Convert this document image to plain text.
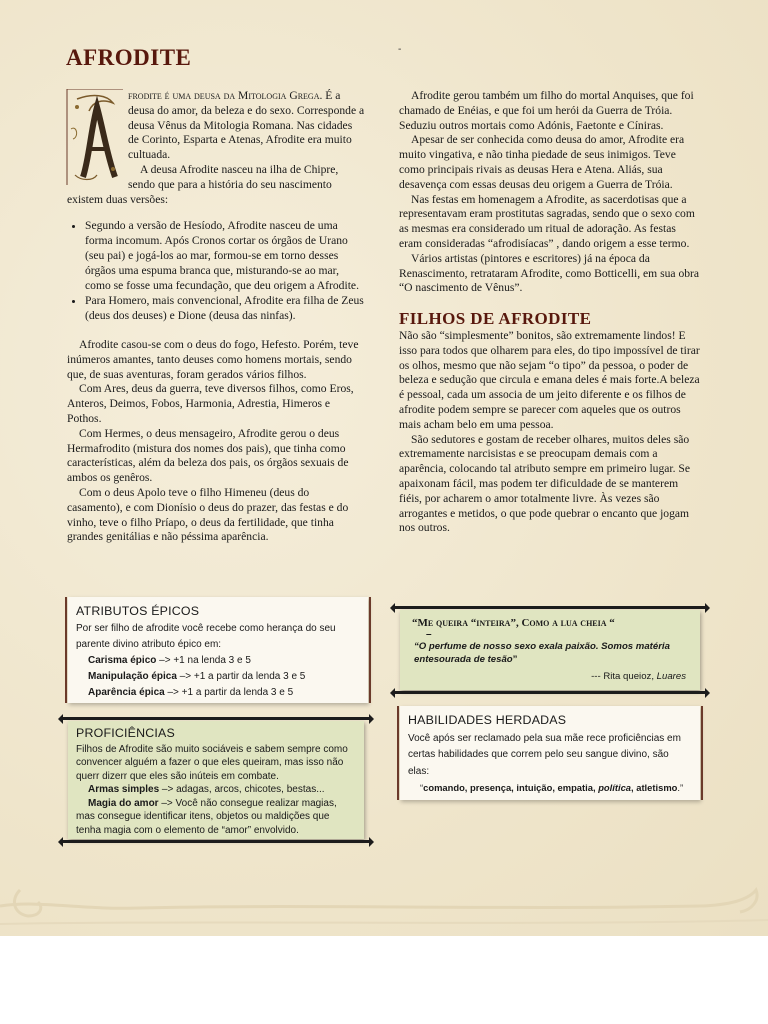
AFRODITE	-

frodite é uma deusa da Mitologia Grega. É a deusa do amor, da beleza e do sexo. Corresponde a deusa Vênus da Mitologia Romana. Nas cidades de Corinto, Esparta e Atenas, Afrodite era muito cultuada.

A deusa Afrodite nasceu na ilha de Chipre, sendo que para a história do seu nascimento existem duas versões:

• Segundo a versão de Hesíodo, Afrodite nasceu de uma forma incomum. Após Cronos cortar os órgãos de Urano (seu pai) e jogá-los ao mar, formou-se em torno desses órgãos uma espuma branca que, misturando-se ao mar, como se fosse uma fecundação, que deu origem a Afrodite.
• Para Homero, mais convencional, Afrodite era filha de Zeus (deus dos deuses) e Dione (deusa das ninfas).

Afrodite casou-se com o deus do fogo, Hefesto. Porém, teve inúmeros amantes, tanto deuses como homens mortais, sendo que, de suas aventuras, foram gerados vários filhos.

Com Ares, deus da guerra, teve diversos filhos, como Eros, Anteros, Deimos, Fobos, Harmonia, Adrestia, Himeros e Pothos.

Com Hermes, o deus mensageiro, Afrodite gerou o deus Hermafrodito (mistura dos nomes dos pais), que tinha como características, além da beleza dos pais, os órgãos sexuais de ambos os genêros.

Com o deus Apolo teve o filho Himeneu (deus do casamento), e com Dionísio o deus do prazer, das festas e do vinho, teve o filho Príapo, o deus da fertilidade, que tinha grandes genitálias e não péssima aparência.

Afrodite gerou também um filho do mortal Anquises, que foi chamado de Enéias, e que foi um herói da Guerra de Tróia. Seduziu outros mortais como Adónis, Faetonte e Cíniras.

Apesar de ser conhecida como deusa do amor, Afrodite era muito vingativa, e não tinha piedade de seus inimigos. Teve como principais rivais as deusas Hera e Atena. Aliás, sua desavença com essas deusas deu origem a Guerra de Tróia.

Nas festas em homenagem a Afrodite, as sacerdotisas que a representavam eram prostitutas sagradas, sendo que o sexo com as mesmas era considerado um ritual de adoração. As festas eram consideradas “afrodisíacas” , dando origem a esse termo.

Vários artistas (pintores e escritores) já na época da Renascimento, retrataram Afrodite, como Botticelli, em sua obra “O nascimento de Vênus”.

FILHOS DE AFRODITE

Não são “simplesmente” bonitos, são extremamente lindos! E isso para todos que olharem para eles, do tipo impossível de tirar os olhos, mesmo que não sejam “o tipo” da pessoa, o poder de beleza e sedução que circula e emana deles é mais forte.A beleza é pessoal, cada um associa de um jeito diferente e os filhos de afrodite podem sempre se parecer com aqueles que os outros mais acham belo em uma pessoa.

São sedutores e gostam de receber olhares, muitos deles são extremamente narcisistas e se preocupam demais com a aparência, colocando tal atributo sempre em primeiro lugar. Se apaixonam fácil, mas podem ter dificuldade de se manterem fiéis, por acharem o amor totalmente livre. Às vezes são arrogantes e metidos, o que pode quebrar o encanto que jogam nos outros.

ATRIBUTOS ÉPICOS
Por ser filho de afrodite você recebe como herança do seu parente divino atributo épico em:
Carisma épico –> +1 na lenda 3 e 5
Manipulação épica –> +1 a partir da lenda 3 e 5
Aparência épica –> +1 a partir da lenda 3 e 5
PROFICIÊNCIAS
Filhos de Afrodite são muito sociáveis e sabem sempre como convencer alguém a fazer o que eles queiram, mas isso não querr dizerr que eles são inúteis em combate.
Armas simples –> adagas, arcos, chicotes, bestas...
Magia do amor –> Você não consegue realizar magias, mas consegue identificar itens, objetos ou maldições que tenha magia com o elemento de “amor” envolvido.
“Me queira “inteira”, Como a lua cheia “
–
“O perfume de nosso sexo exala paixão. Somos matéria entesourada de tesão”
--- Rita queioz, Luares
HABILIDADES HERDADAS
Você após ser reclamado pela sua mãe rece proficiências em certas habilidades que correm pelo seu sangue divino, são elas:
“comando, presença, intuição, empatia, política, atletismo.”
